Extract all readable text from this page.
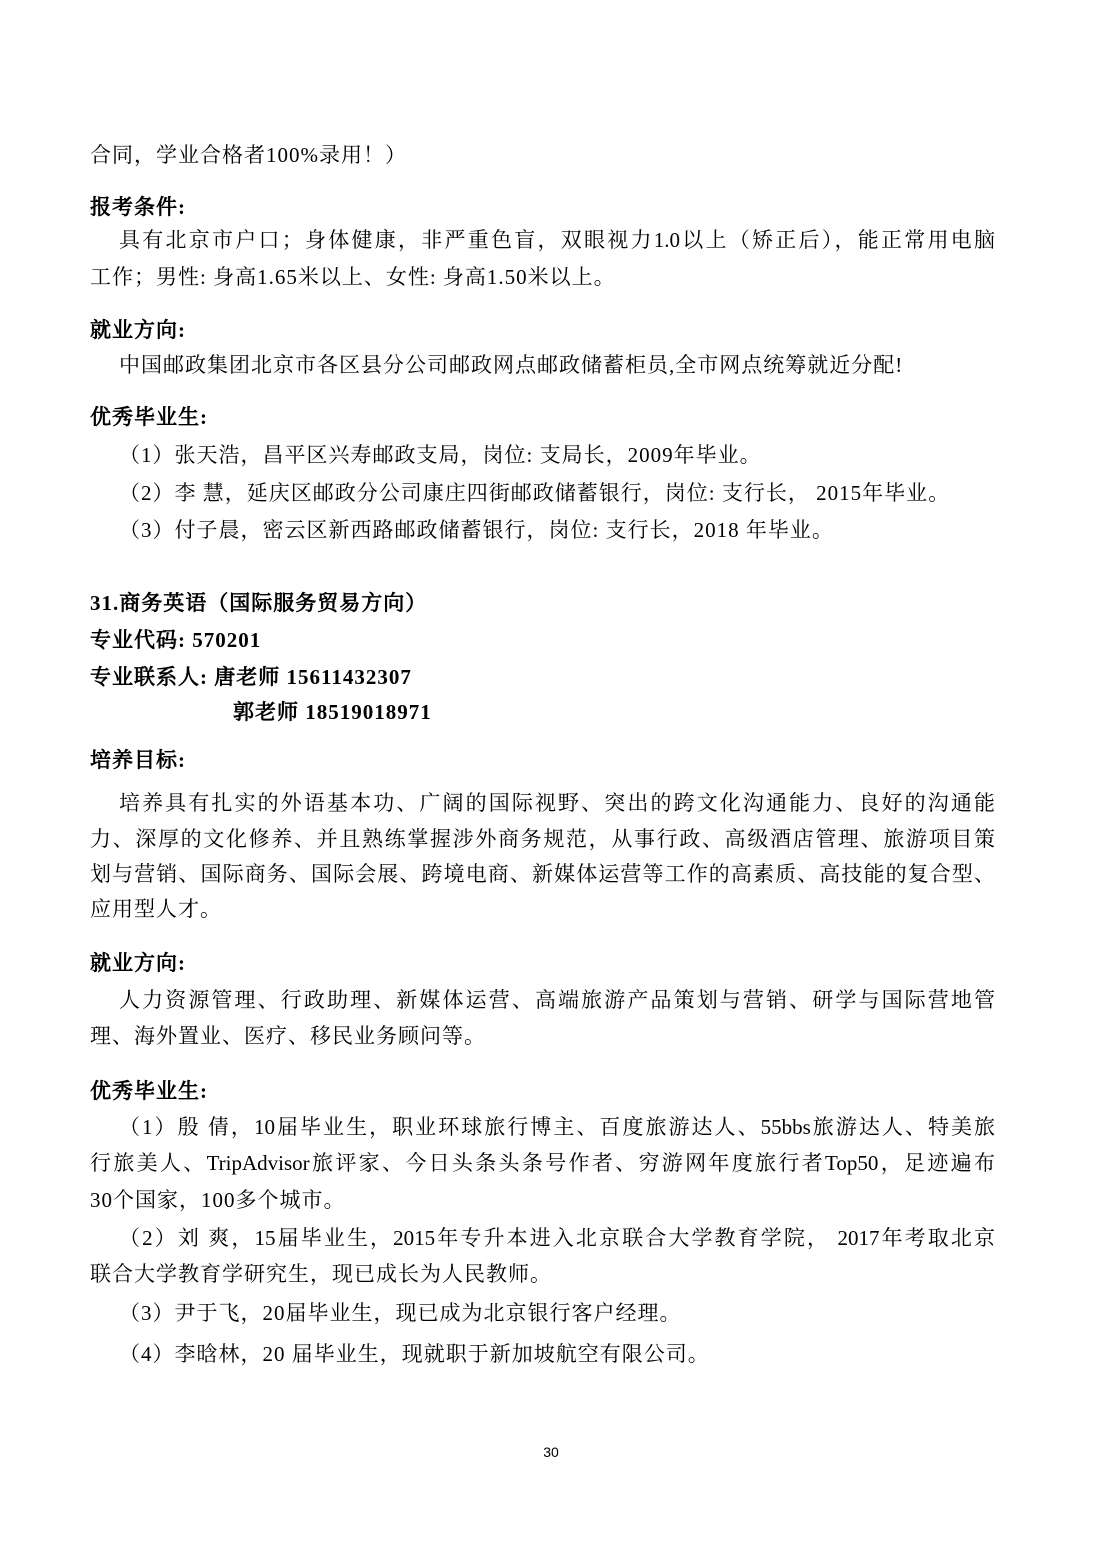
合同，学业合格者100%录用！）
报考条件:
具有北京市户口；身体健康，非严重色盲，双眼视力1.0以上（矫正后），能正常用电脑
工作；男性: 身高1.65米以上、女性: 身高1.50米以上。
就业方向:
中国邮政集团北京市各区县分公司邮政网点邮政储蓄柜员,全市网点统筹就近分配!
优秀毕业生:
（1）张天浩，昌平区兴寿邮政支局，岗位: 支局长，2009年毕业。
（2）李 慧，延庆区邮政分公司康庄四街邮政储蓄银行，岗位: 支行长， 2015年毕业。
（3）付子晨，密云区新西路邮政储蓄银行，岗位: 支行长，2018 年毕业。
31.商务英语（国际服务贸易方向）
专业代码: 570201
专业联系人: 唐老师 15611432307
郭老师 18519018971
培养目标:
培养具有扎实的外语基本功、广阔的国际视野、突出的跨文化沟通能力、良好的沟通能
力、深厚的文化修养、并且熟练掌握涉外商务规范，从事行政、高级酒店管理、旅游项目策
划与营销、国际商务、国际会展、跨境电商、新媒体运营等工作的高素质、高技能的复合型、
应用型人才。
就业方向:
人力资源管理、行政助理、新媒体运营、高端旅游产品策划与营销、研学与国际营地管
理、海外置业、医疗、移民业务顾问等。
优秀毕业生:
（1）殷 倩，10届毕业生，职业环球旅行博主、百度旅游达人、55bbs旅游达人、特美旅
行旅美人、TripAdvisor旅评家、今日头条头条号作者、穷游网年度旅行者Top50，足迹遍布
30个国家，100多个城市。
（2）刘 爽，15届毕业生，2015年专升本进入北京联合大学教育学院， 2017年考取北京
联合大学教育学研究生，现已成长为人民教师。
（3）尹于飞，20届毕业生，现已成为北京银行客户经理。
（4）李晗林，20 届毕业生，现就职于新加坡航空有限公司。
30
